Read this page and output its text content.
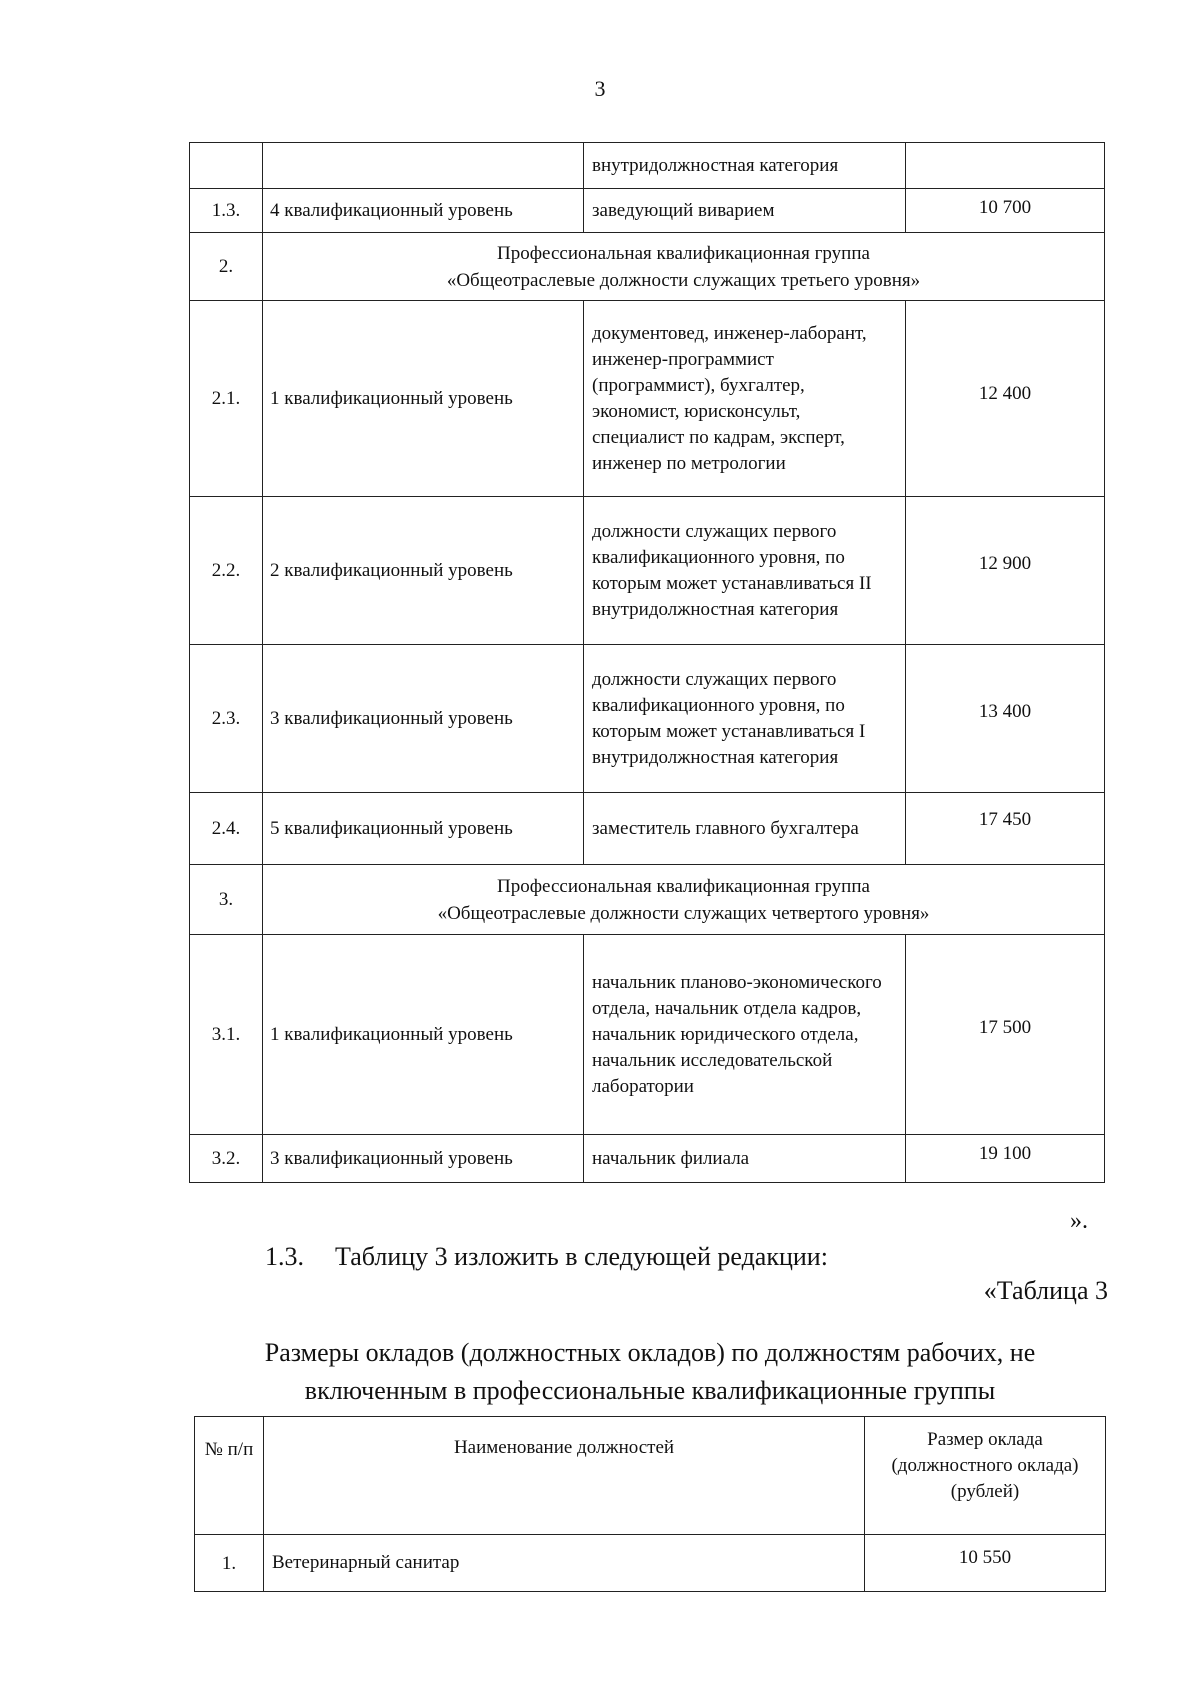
3
		внутридолжностная категория	
1.3.	4 квалификационный уровень	заведующий виварием	10 700
2.	Профессиональная квалификационная группа
«Общеотраслевые должности служащих третьего уровня»		

2.1.	1 квалификационный уровень	документовед, инженер-лаборант, инженер-программист (программист), бухгалтер, экономист, юрисконсульт, специалист по кадрам, эксперт, инженер по метрологии	12 400
2.2.	2 квалификационный уровень	должности служащих первого квалификационного уровня, по которым может устанавливаться II внутридолжностная категория	12 900
2.3.	3 квалификационный уровень	должности служащих первого квалификационного уровня, по которым может устанавливаться I внутридолжностная категория	13 400
2.4.	5 квалификационный уровень	заместитель главного бухгалтера	17 450
3.	Профессиональная квалификационная группа
«Общеотраслевые должности служащих четвертого уровня»		

3.1.	1 квалификационный уровень	начальник планово-экономического отдела, начальник отдела кадров, начальник юридического отдела, начальник исследовательской лаборатории	17 500
3.2.	3 квалификационный уровень	начальник филиала	19 100
».
1.3. Таблицу 3 изложить в следующей редакции:
«Таблица 3
Размеры окладов (должностных окладов) по должностям рабочих, не
включенным в профессиональные квалификационные группы
№ п/п	Наименование должностей	Размер оклада (должностного оклада) (рублей)
1.	Ветеринарный санитар	10 550
